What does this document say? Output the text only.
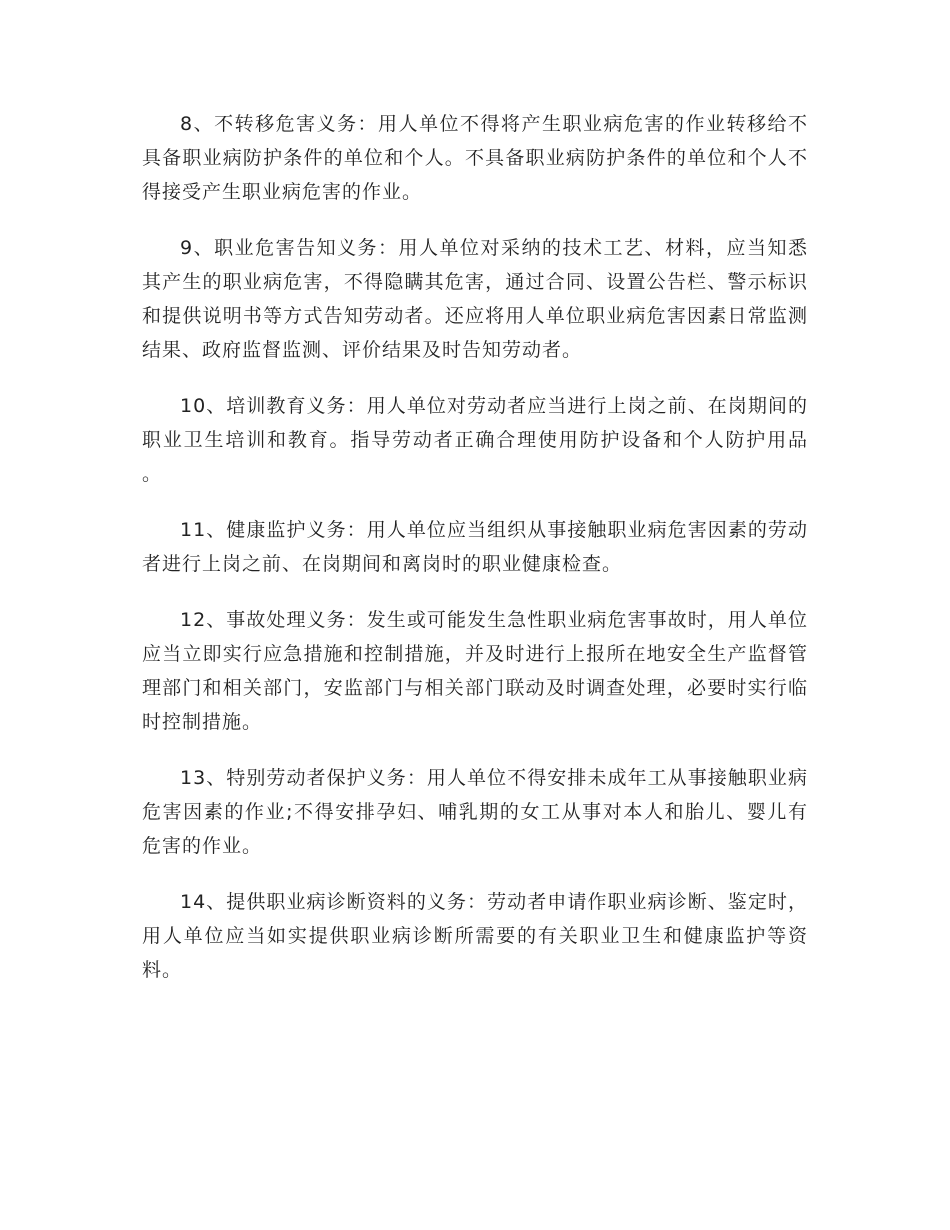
8、不转移危害义务：用人单位不得将产生职业病危害的作业转移给不具备职业病防护条件的单位和个人。不具备职业病防护条件的单位和个人不得接受产生职业病危害的作业。

9、职业危害告知义务：用人单位对采纳的技术工艺、材料，应当知悉其产生的职业病危害，不得隐瞒其危害，通过合同、设置公告栏、警示标识和提供说明书等方式告知劳动者。还应将用人单位职业病危害因素日常监测结果、政府监督监测、评价结果及时告知劳动者。

10、培训教育义务：用人单位对劳动者应当进行上岗之前、在岗期间的职业卫生培训和教育。指导劳动者正确合理使用防护设备和个人防护用品 。

11、健康监护义务：用人单位应当组织从事接触职业病危害因素的劳动者进行上岗之前、在岗期间和离岗时的职业健康检查。

12、事故处理义务：发生或可能发生急性职业病危害事故时，用人单位应当立即实行应急措施和控制措施，并及时进行上报所在地安全生产监督管理部门和相关部门，安监部门与相关部门联动及时调查处理，必要时实行临时控制措施。

13、特别劳动者保护义务：用人单位不得安排未成年工从事接触职业病危害因素的作业;不得安排孕妇、哺乳期的女工从事对本人和胎儿、婴儿有危害的作业。

14、提供职业病诊断资料的义务：劳动者申请作职业病诊断、鉴定时，用人单位应当如实提供职业病诊断所需要的有关职业卫生和健康监护等资料。
